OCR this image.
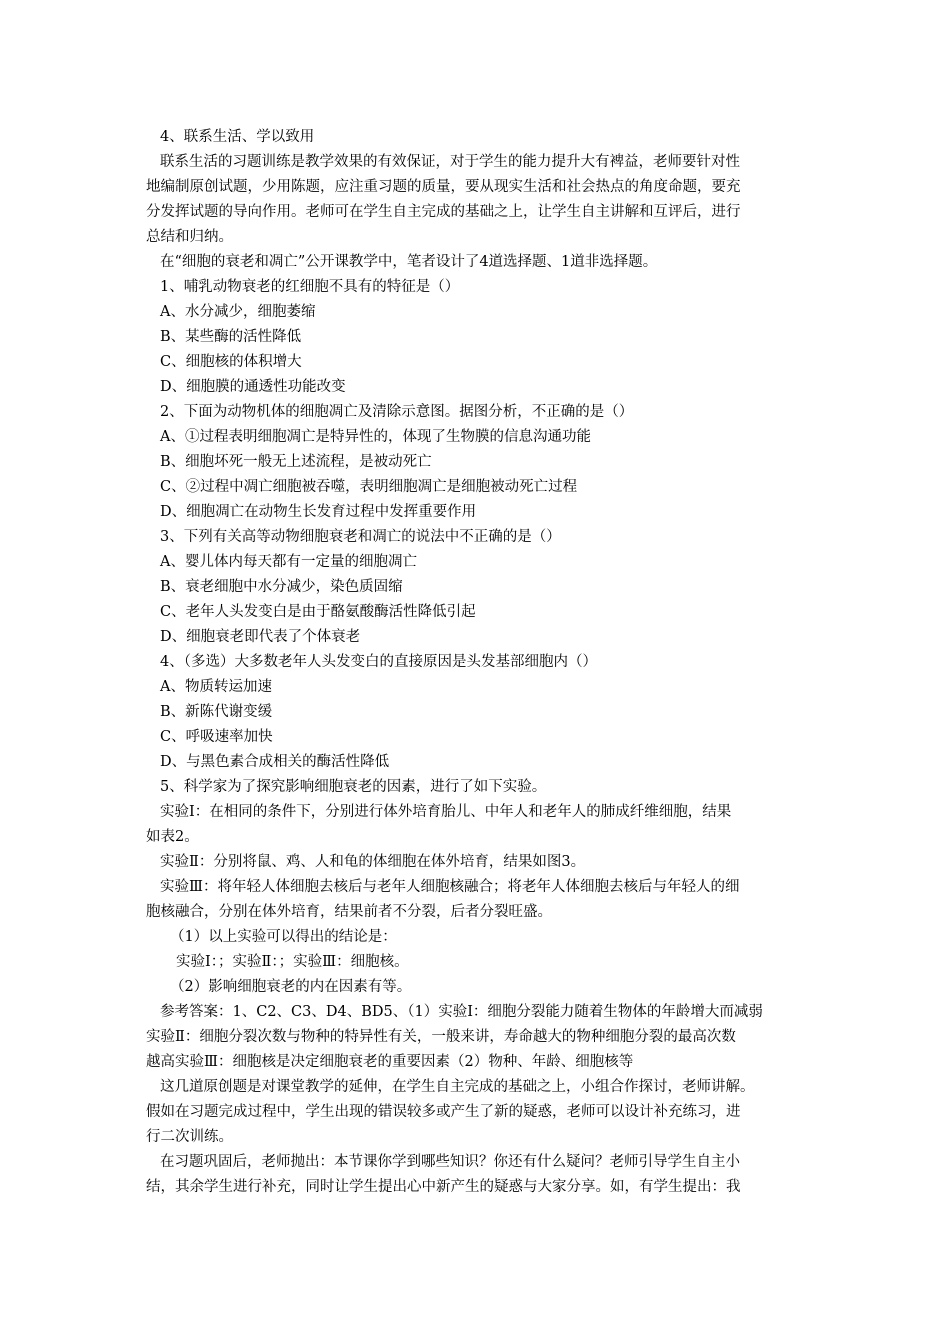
4、联系生活、学以致用
联系生活的习题训练是教学效果的有效保证，对于学生的能力提升大有裨益，老师要针对性
地编制原创试题，少用陈题，应注重习题的质量，要从现实生活和社会热点的角度命题，要充
分发挥试题的导向作用。老师可在学生自主完成的基础之上，让学生自主讲解和互评后，进行
总结和归纳。
在“细胞的衰老和凋亡”公开课教学中，笔者设计了4道选择题、1道非选择题。
1、哺乳动物衰老的红细胞不具有的特征是（）
A、水分减少，细胞萎缩
B、某些酶的活性降低
C、细胞核的体积增大
D、细胞膜的通透性功能改变
2、下面为动物机体的细胞凋亡及清除示意图。据图分析，不正确的是（）
A、①过程表明细胞凋亡是特异性的，体现了生物膜的信息沟通功能
B、细胞坏死一般无上述流程，是被动死亡
C、②过程中凋亡细胞被吞噬，表明细胞凋亡是细胞被动死亡过程
D、细胞凋亡在动物生长发育过程中发挥重要作用
3、下列有关高等动物细胞衰老和凋亡的说法中不正确的是（）
A、婴儿体内每天都有一定量的细胞凋亡
B、衰老细胞中水分减少，染色质固缩
C、老年人头发变白是由于酪氨酸酶活性降低引起
D、细胞衰老即代表了个体衰老
4、（多选）大多数老年人头发变白的直接原因是头发基部细胞内（）
A、物质转运加速
B、新陈代谢变缓
C、呼吸速率加快
D、与黑色素合成相关的酶活性降低
5、科学家为了探究影响细胞衰老的因素，进行了如下实验。
实验Ⅰ：在相同的条件下，分别进行体外培育胎儿、中年人和老年人的肺成纤维细胞，结果
如表2。
实验Ⅱ：分别将鼠、鸡、人和龟的体细胞在体外培育，结果如图3。
实验Ⅲ：将年轻人体细胞去核后与老年人细胞核融合；将老年人体细胞去核后与年轻人的细
胞核融合，分别在体外培育，结果前者不分裂，后者分裂旺盛。
（1）以上实验可以得出的结论是：
实验Ⅰ：；实验Ⅱ：；实验Ⅲ：细胞核。
（2）影响细胞衰老的内在因素有等。
参考答案：1、C2、C3、D4、BD5、（1）实验Ⅰ：细胞分裂能力随着生物体的年龄增大而减弱
实验Ⅱ：细胞分裂次数与物种的特异性有关，一般来讲，寿命越大的物种细胞分裂的最高次数
越高实验Ⅲ：细胞核是决定细胞衰老的重要因素（2）物种、年龄、细胞核等
这几道原创题是对课堂教学的延伸，在学生自主完成的基础之上，小组合作探讨，老师讲解。
假如在习题完成过程中，学生出现的错误较多或产生了新的疑惑，老师可以设计补充练习，进
行二次训练。
在习题巩固后，老师抛出：本节课你学到哪些知识？你还有什么疑问？老师引导学生自主小
结，其余学生进行补充，同时让学生提出心中新产生的疑惑与大家分享。如，有学生提出：我
